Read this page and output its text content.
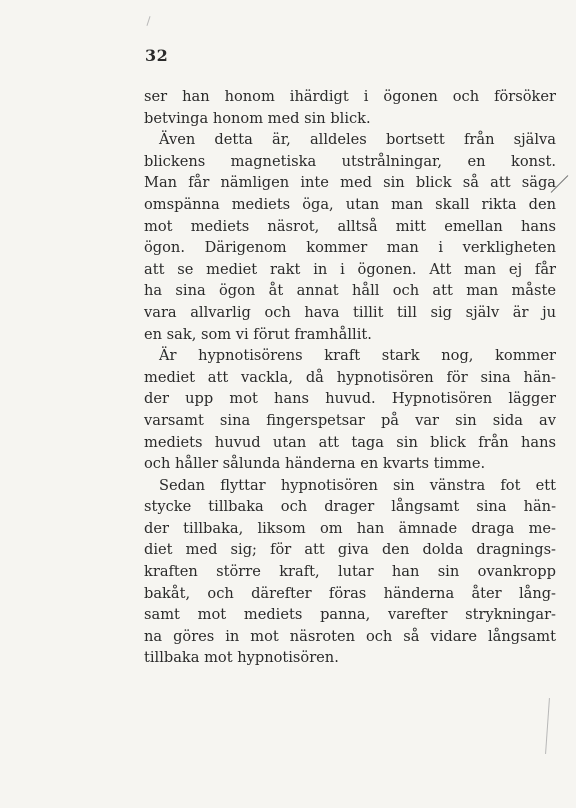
32
ser han honom ihärdigt i ögonen och försöker
betvinga honom med sin blick.
Även detta är, alldeles bortsett från själva
blickens magnetiska utstrålningar, en konst.
Man får nämligen inte med sin blick så att säga
omspänna mediets öga, utan man skall rikta den
mot mediets näsrot, alltså mitt emellan hans
ögon. Därigenom kommer man i verkligheten
att se mediet rakt in i ögonen. Att man ej får
ha sina ögon åt annat håll och att man måste
vara allvarlig och hava tillit till sig själv är ju
en sak, som vi förut framhållit.
Är hypnotisörens kraft stark nog, kommer
mediet att vackla, då hypnotisören för sina hän-
der upp mot hans huvud. Hypnotisören lägger
varsamt sina fingerspetsar på var sin sida av
mediets huvud utan att taga sin blick från hans
och håller sålunda händerna en kvarts timme.
Sedan flyttar hypnotisören sin vänstra fot ett
stycke tillbaka och drager långsamt sina hän-
der tillbaka, liksom om han ämnade draga me-
diet med sig; för att giva den dolda dragnings-
kraften större kraft, lutar han sin ovankropp
bakåt, och därefter föras händerna åter lång-
samt mot mediets panna, varefter strykningar-
na göres in mot näsroten och så vidare långsamt
tillbaka mot hypnotisören.
